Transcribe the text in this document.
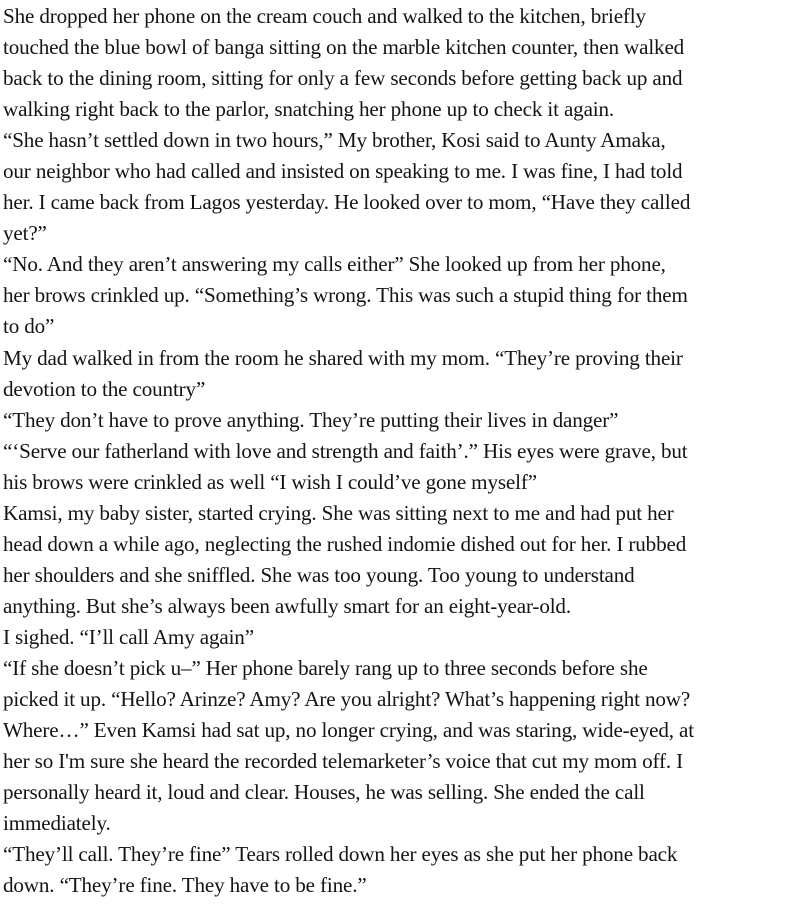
She dropped her phone on the cream couch and walked to the kitchen, briefly
touched the blue bowl of banga sitting on the marble kitchen counter, then walked
back to the dining room, sitting for only a few seconds before getting back up and
walking right back to the parlor, snatching her phone up to check it again.
“She hasn’t settled down in two hours,” My brother, Kosi said to Aunty Amaka,
our neighbor who had called and insisted on speaking to me. I was fine, I had told
her. I came back from Lagos yesterday. He looked over to mom, “Have they called
yet?”
“No. And they aren’t answering my calls either” She looked up from her phone,
her brows crinkled up. “Something’s wrong. This was such a stupid thing for them
to do”
My dad walked in from the room he shared with my mom. “They’re proving their
devotion to the country”
“They don’t have to prove anything. They’re putting their lives in danger”
“‘Serve our fatherland with love and strength and faith’.” His eyes were grave, but
his brows were crinkled as well “I wish I could’ve gone myself”
Kamsi, my baby sister, started crying. She was sitting next to me and had put her
head down a while ago, neglecting the rushed indomie dished out for her. I rubbed
her shoulders and she sniffled. She was too young. Too young to understand
anything. But she’s always been awfully smart for an eight-year-old.
I sighed. “I’ll call Amy again”
“If she doesn’t pick u–” Her phone barely rang up to three seconds before she
picked it up. “Hello? Arinze? Amy? Are you alright? What’s happening right now?
Where…” Even Kamsi had sat up, no longer crying, and was staring, wide-eyed, at
her so I'm sure she heard the recorded telemarketer’s voice that cut my mom off. I
personally heard it, loud and clear. Houses, he was selling. She ended the call
immediately.
“They’ll call. They’re fine” Tears rolled down her eyes as she put her phone back
down. “They’re fine. They have to be fine.”
